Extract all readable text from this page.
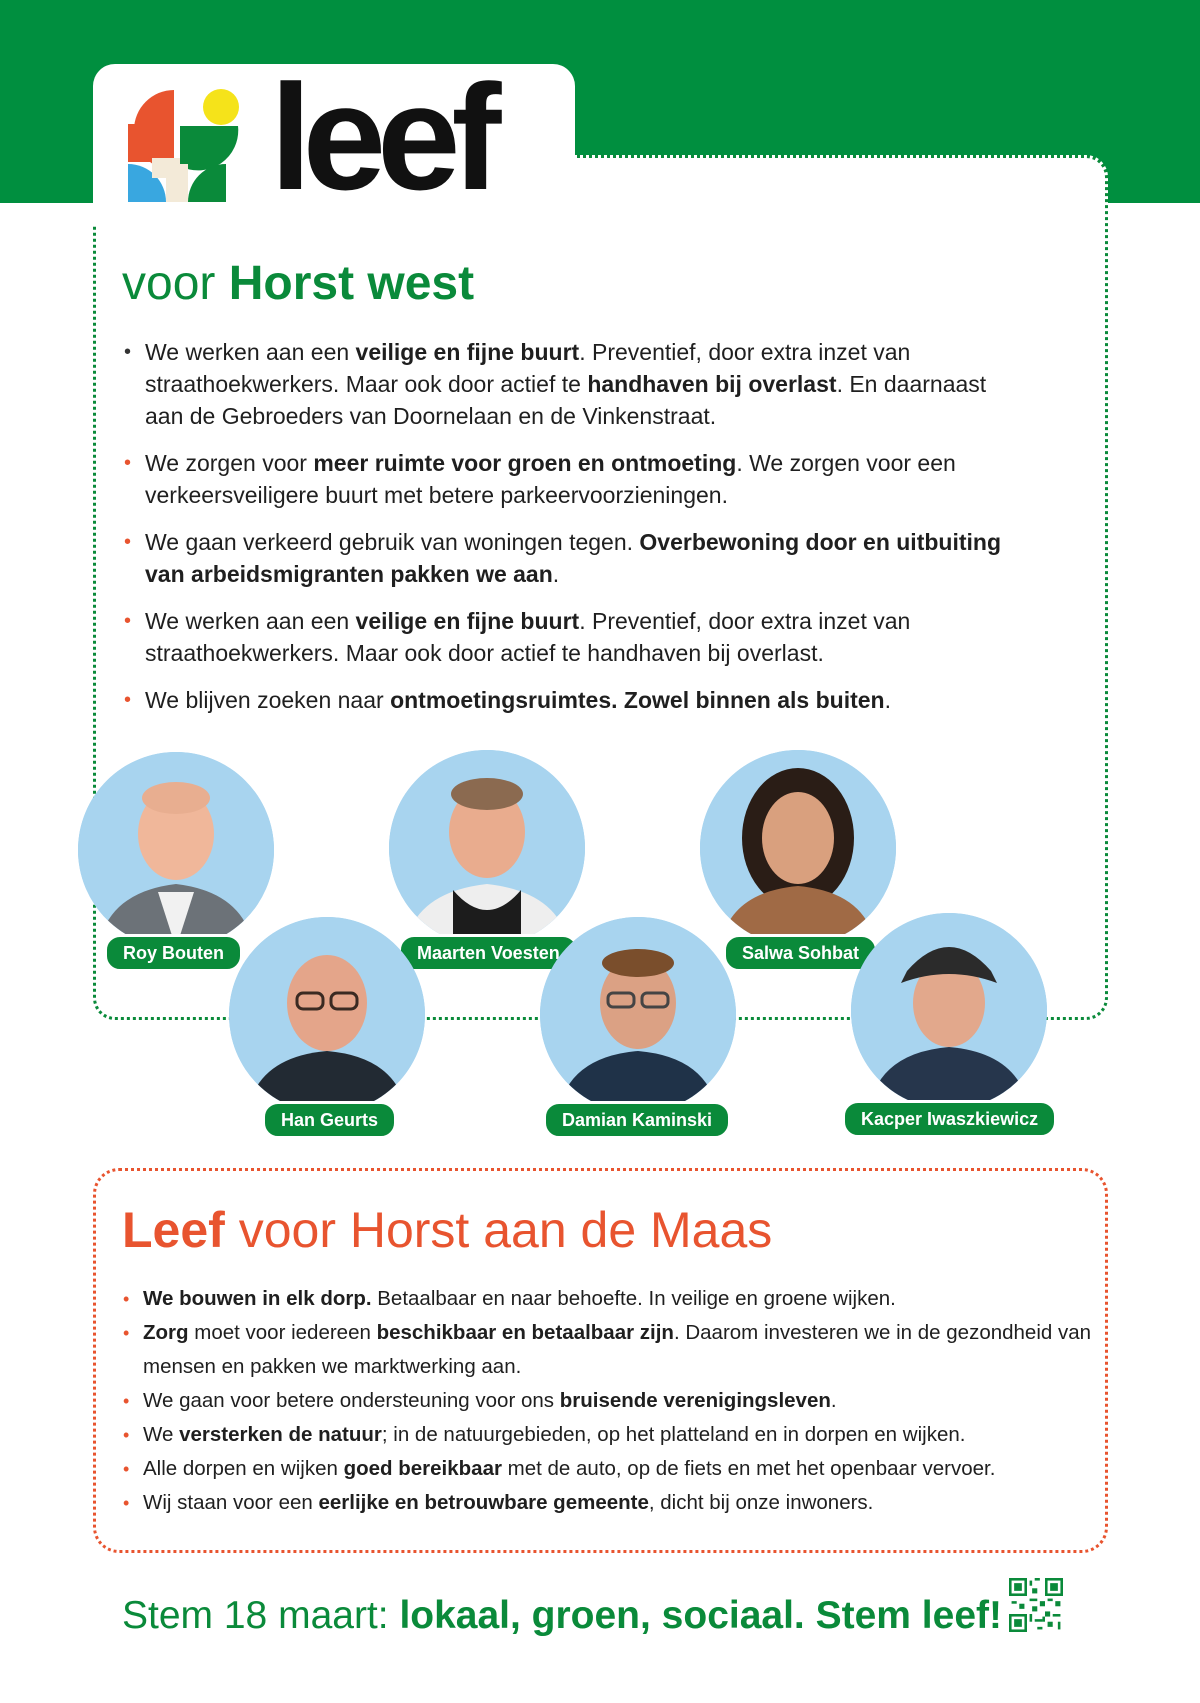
leef
voor Horst west
• We werken aan een veilige en fijne buurt. Preventief, door extra inzet van straathoekwerkers. Maar ook door actief te handhaven bij overlast. En daarnaast aan de Gebroeders van Doornelaan en de Vinkenstraat.
• We zorgen voor meer ruimte voor groen en ontmoeting. We zorgen voor een verkeersveiligere buurt met betere parkeervoorzieningen.
• We gaan verkeerd gebruik van woningen tegen. Overbewoning door en uitbuiting van arbeidsmigranten pakken we aan.
• We werken aan een veilige en fijne buurt. Preventief, door extra inzet van straathoekwerkers. Maar ook door actief te handhaven bij overlast.
• We blijven zoeken naar ontmoetingsruimtes. Zowel binnen als buiten.
Roy Bouten	Maarten Voesten	Salwa Sohbat
Han Geurts	Damian Kaminski	Kacper Iwaszkiewicz
Leef voor Horst aan de Maas
• We bouwen in elk dorp. Betaalbaar en naar behoefte. In veilige en groene wijken.
• Zorg moet voor iedereen beschikbaar en betaalbaar zijn. Daarom investeren we in de gezondheid van mensen en pakken we marktwerking aan.
• We gaan voor betere ondersteuning voor ons bruisende verenigingsleven.
• We versterken de natuur; in de natuurgebieden, op het platteland en in dorpen en wijken.
• Alle dorpen en wijken goed bereikbaar met de auto, op de fiets en met het openbaar vervoer.
• Wij staan voor een eerlijke en betrouwbare gemeente, dicht bij onze inwoners.
Stem 18 maart: lokaal, groen, sociaal. Stem leef!
